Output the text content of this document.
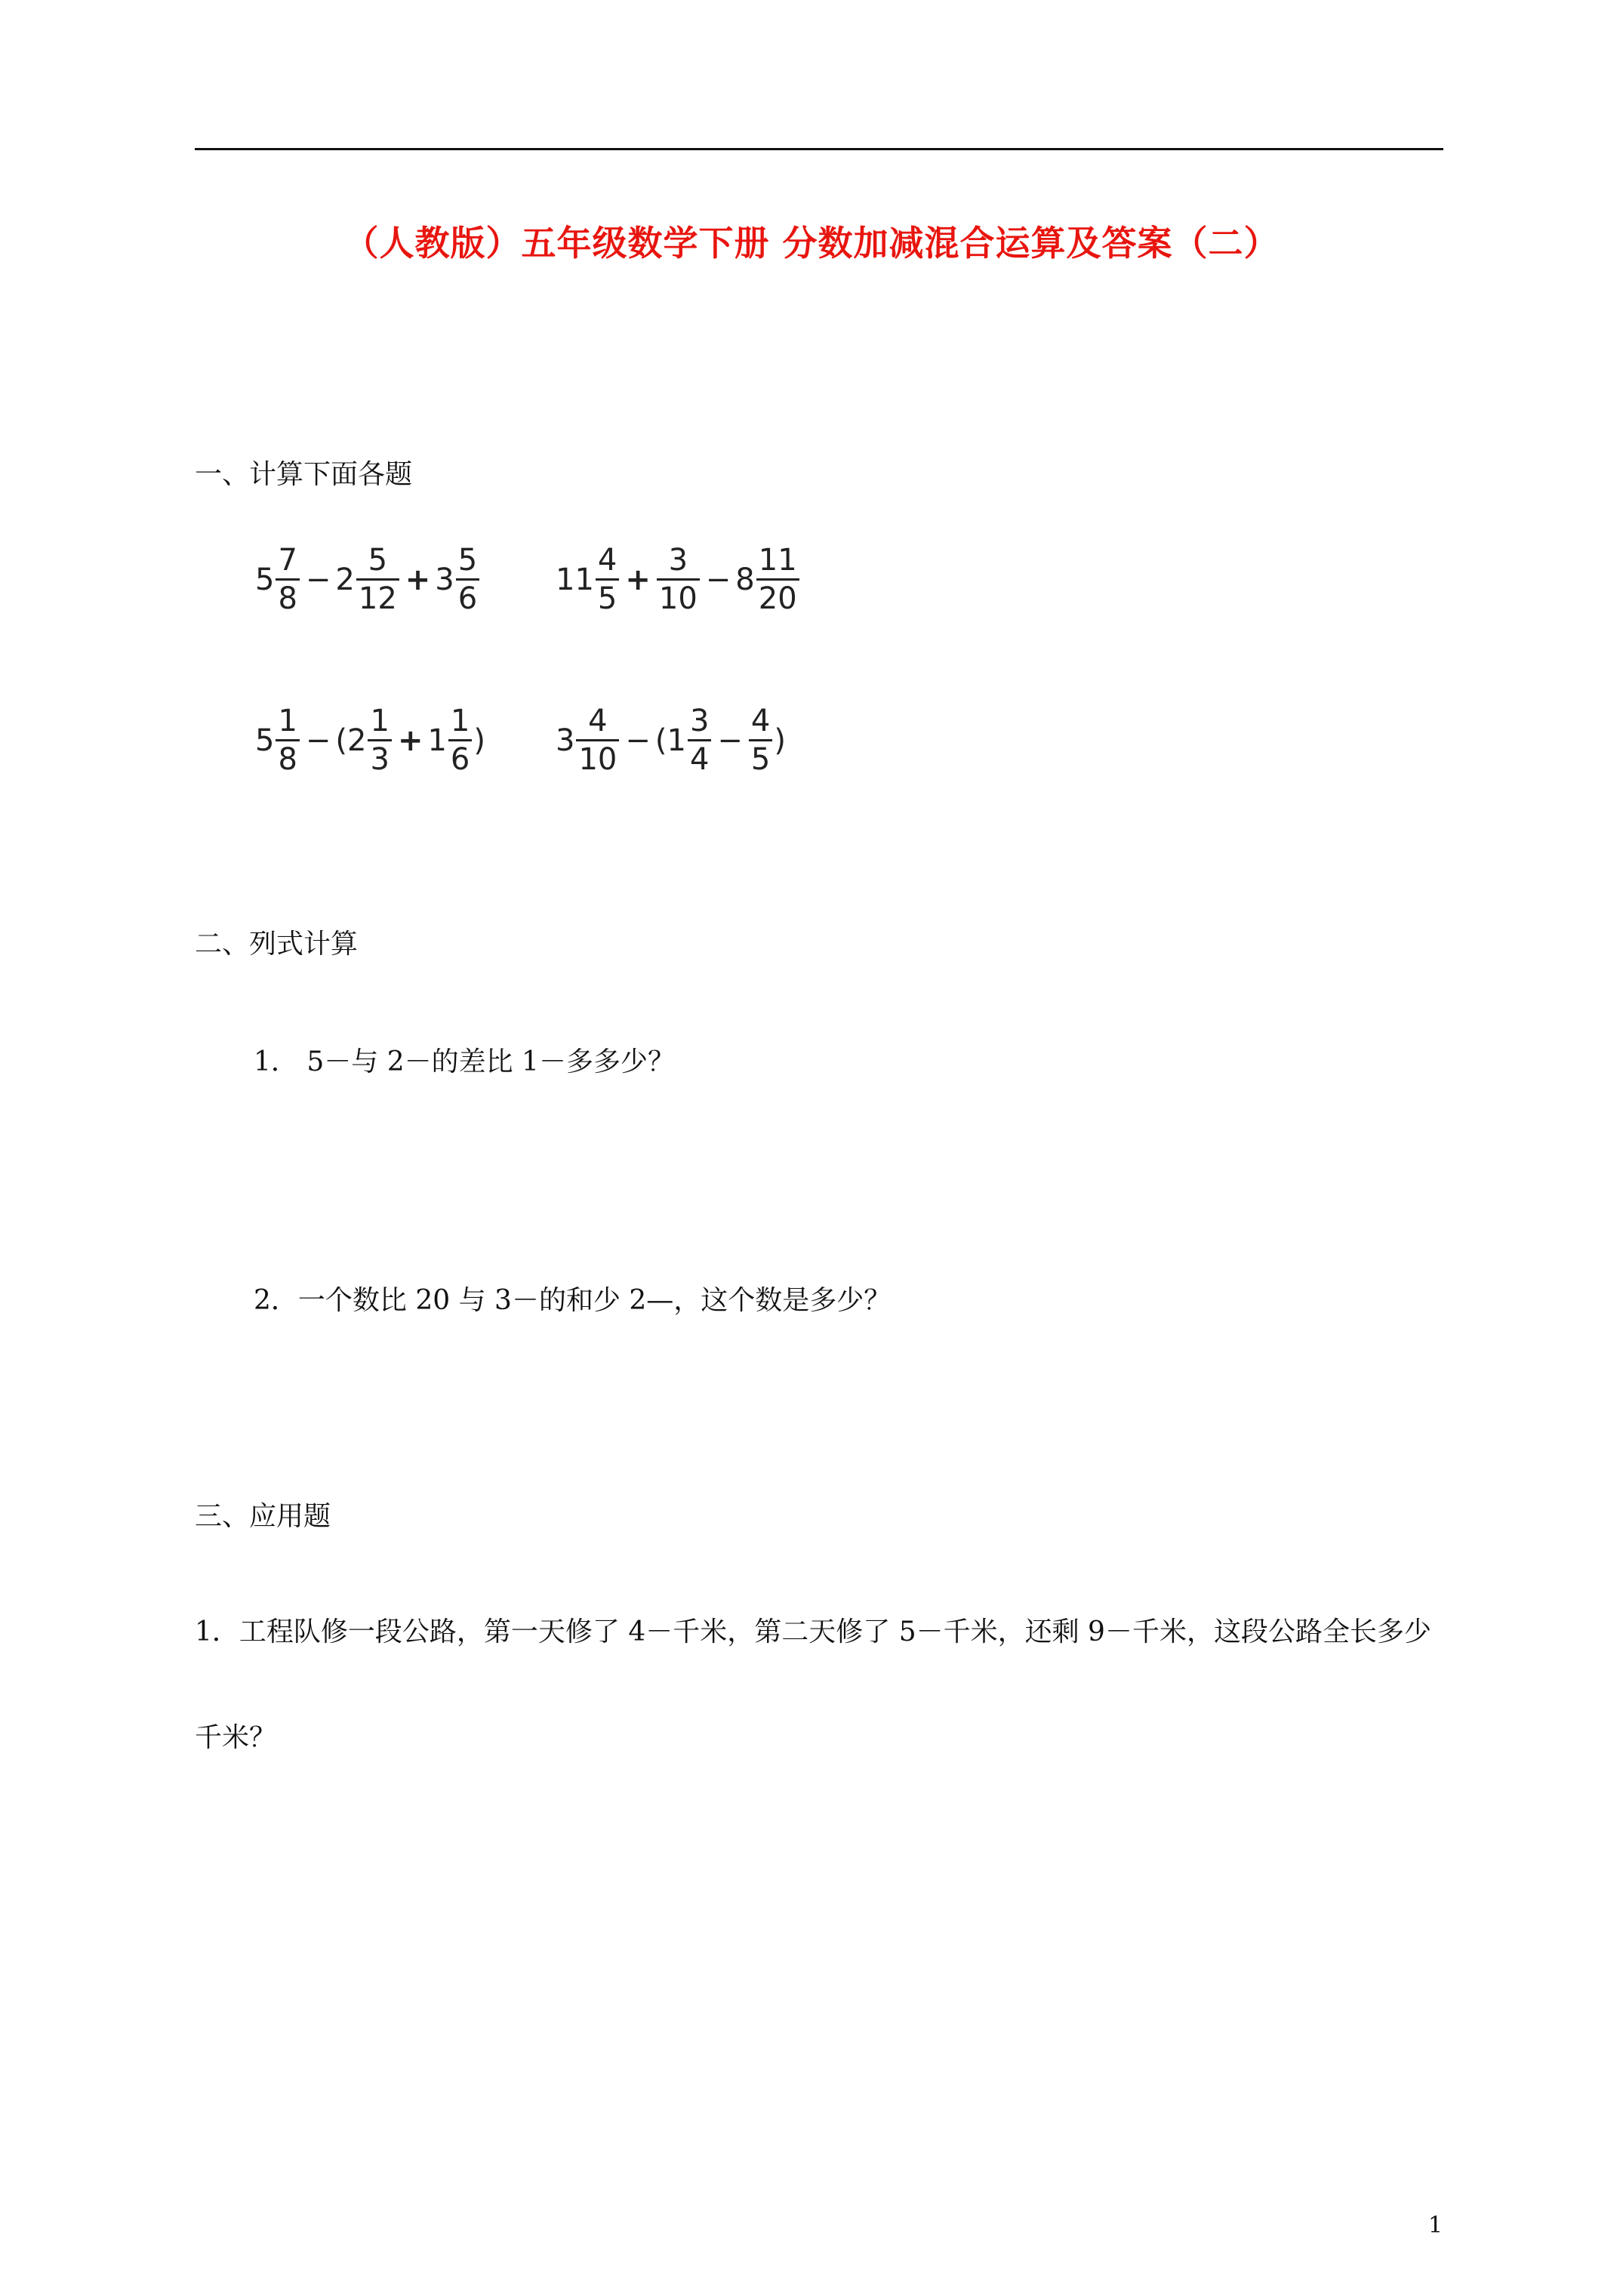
（人教版）五年级数学下册 分数加减混合运算及答案（二）
一、计算下面各题
$5 \frac{7}{8} - 2 \frac{5}{12} + 3 \frac{5}{6}$	$11 \frac{4}{5} + \frac{3}{10} - 8 \frac{11}{20}$
$5 \frac{1}{8}$ − ( $2 \frac{1}{3} + 1 \frac{1}{6}$ ) $3 \frac{4}{10}$ − ( $1 \frac{3}{4} - \frac{4}{5}$ )
二、列式计算
1． 5－与 2－的差比 1－多多少？
2．一个数比 20 与 3－的和少 2—，这个数是多少？
三、应用题
1．工程队修一段公路，第一天修了 4－千米，第二天修了 5－千米，还剩 9－千米，这段公路全长多少千米？
1
